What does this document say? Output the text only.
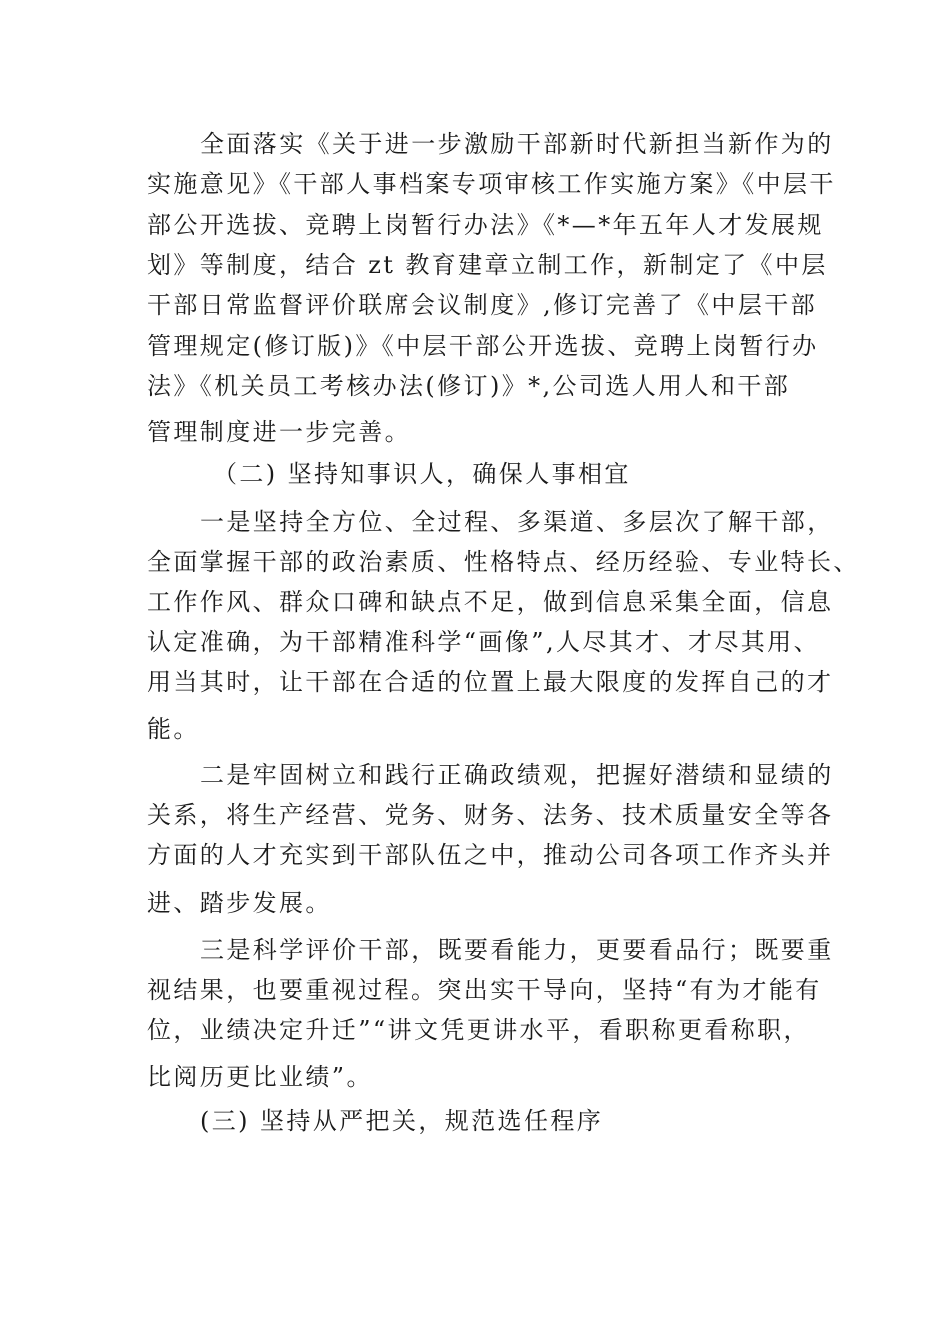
全面落实《关于进一步激励干部新时代新担当新作为的
实施意见》《干部人事档案专项审核工作实施方案》《中层干
部公开选拔、竞聘上岗暂行办法》《*—*年五年人才发展规
划》等制度，结合 zt 教育建章立制工作，新制定了《中层
干部日常监督评价联席会议制度》,修订完善了《中层干部
管理规定(修订版)》《中层干部公开选拔、竞聘上岗暂行办
法》《机关员工考核办法(修订)》*,公司选人用人和干部
管理制度进一步完善。
（二) 坚持知事识人，确保人事相宜
一是坚持全方位、全过程、多渠道、多层次了解干部，
全面掌握干部的政治素质、性格特点、经历经验、专业特长、
工作作风、群众口碑和缺点不足，做到信息采集全面，信息
认定准确，为干部精准科学“画像”,人尽其才、才尽其用、
用当其时，让干部在合适的位置上最大限度的发挥自己的才
能。
二是牢固树立和践行正确政绩观，把握好潜绩和显绩的
关系，将生产经营、党务、财务、法务、技术质量安全等各
方面的人才充实到干部队伍之中，推动公司各项工作齐头并
进、踏步发展。
三是科学评价干部，既要看能力，更要看品行；既要重
视结果，也要重视过程。突出实干导向，坚持“有为才能有
位，业绩决定升迁”“讲文凭更讲水平，看职称更看称职，
比阅历更比业绩”。
(三) 坚持从严把关，规范选任程序
